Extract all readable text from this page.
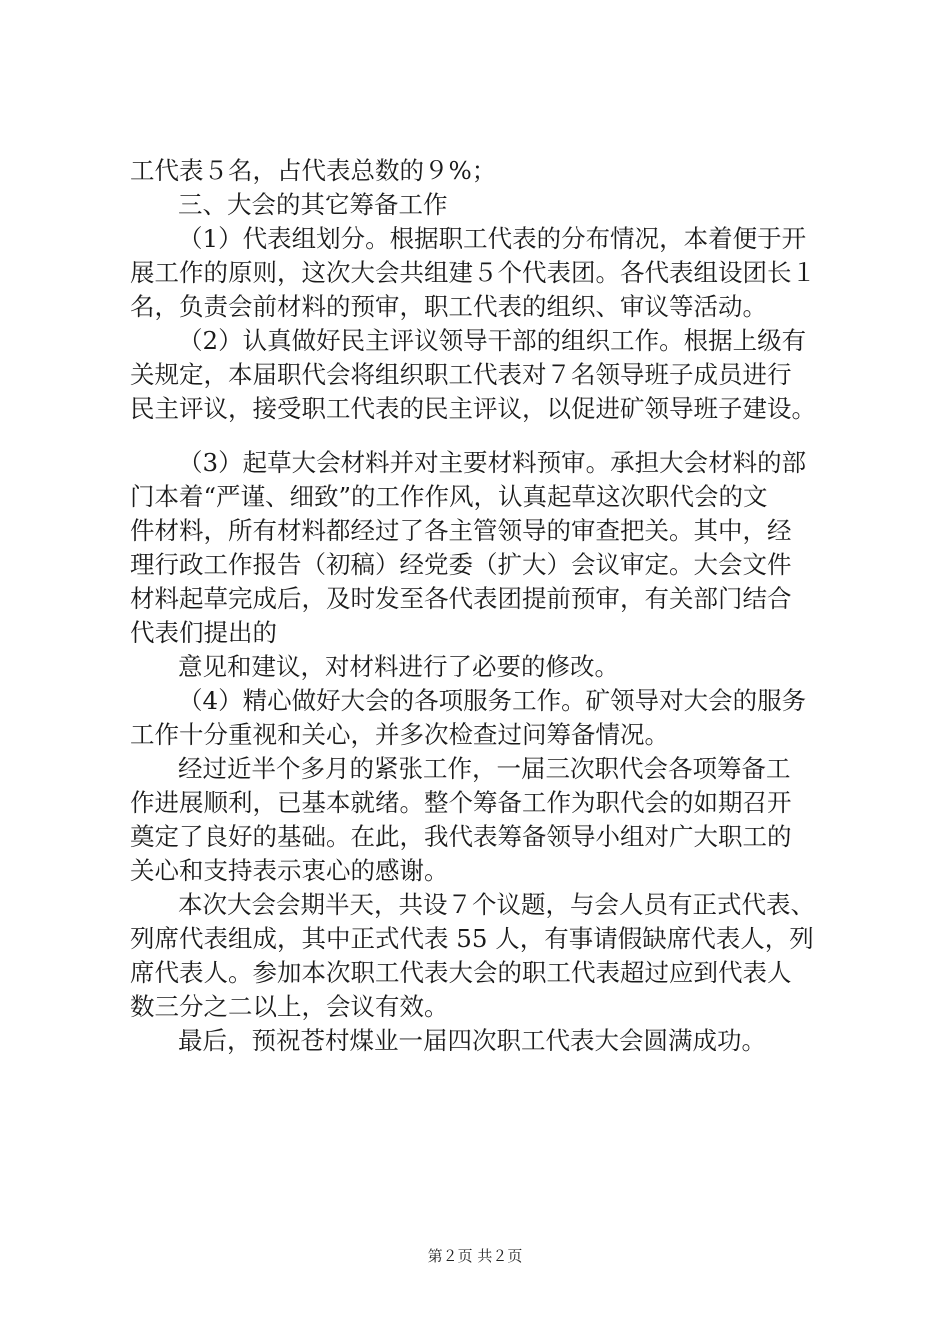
工代表５名，占代表总数的９%；

三、大会的其它筹备工作

（1）代表组划分。根据职工代表的分布情况，本着便于开

展工作的原则，这次大会共组建５个代表团。各代表组设团长１

名，负责会前材料的预审，职工代表的组织、审议等活动。

（2）认真做好民主评议领导干部的组织工作。根据上级有

关规定，本届职代会将组织职工代表对７名领导班子成员进行

民主评议，接受职工代表的民主评议，以促进矿领导班子建设。

（3）起草大会材料并对主要材料预审。承担大会材料的部

门本着“严谨、细致”的工作作风，认真起草这次职代会的文

件材料，所有材料都经过了各主管领导的审查把关。其中，经

理行政工作报告（初稿）经党委（扩大）会议审定。大会文件

材料起草完成后，及时发至各代表团提前预审，有关部门结合

代表们提出的

意见和建议，对材料进行了必要的修改。

（4）精心做好大会的各项服务工作。矿领导对大会的服务

工作十分重视和关心，并多次检查过问筹备情况。

经过近半个多月的紧张工作，一届三次职代会各项筹备工

作进展顺利，已基本就绪。整个筹备工作为职代会的如期召开

奠定了良好的基础。在此，我代表筹备领导小组对广大职工的

关心和支持表示衷心的感谢。

本次大会会期半天，共设７个议题，与会人员有正式代表、

列席代表组成，其中正式代表 55 人，有事请假缺席代表人，列

席代表人。参加本次职工代表大会的职工代表超过应到代表人

数三分之二以上，会议有效。

最后，预祝苍村煤业一届四次职工代表大会圆满成功。

第２页 共２页
